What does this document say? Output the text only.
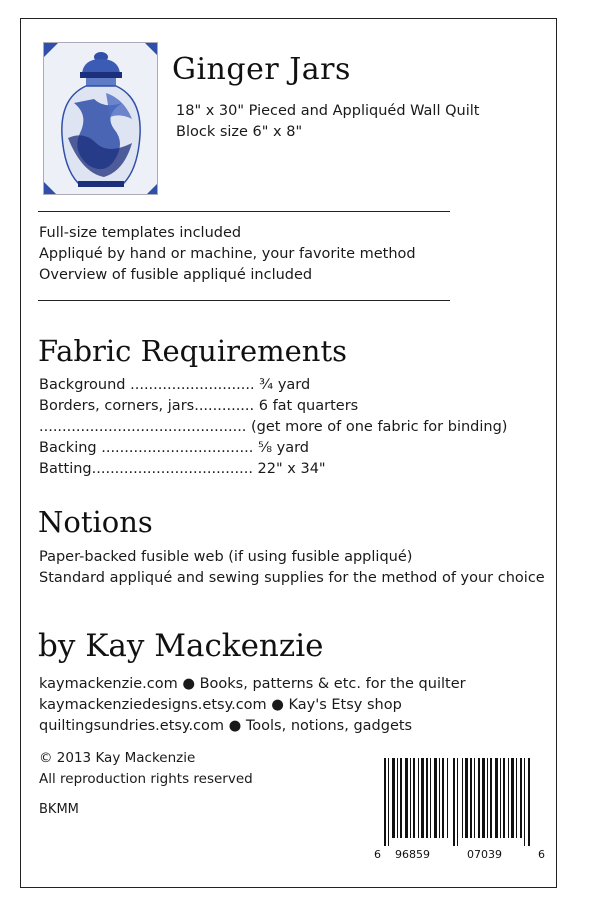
Ginger Jars
18" x 30" Pieced and Appliquéd Wall Quilt
Block size 6" x 8"
Full-size templates included
Appliqué by hand or machine, your favorite method
Overview of fusible appliqué included
Fabric Requirements
Background ........................... ¾ yard
Borders, corners, jars............. 6 fat quarters
............................................. (get more of one fabric for binding)
Backing ................................. ⅝ yard
Batting................................... 22" x 34"
Notions
Paper-backed fusible web (if using fusible appliqué)
Standard appliqué and sewing supplies for the method of your choice
by Kay Mackenzie
kaymackenzie.com ● Books, patterns & etc. for the quilter
kaymackenziedesigns.etsy.com ● Kay's Etsy shop
quiltingsundries.etsy.com ● Tools, notions, gadgets
© 2013 Kay Mackenzie
All reproduction rights reserved
BKMM
6 96859	07039	6
